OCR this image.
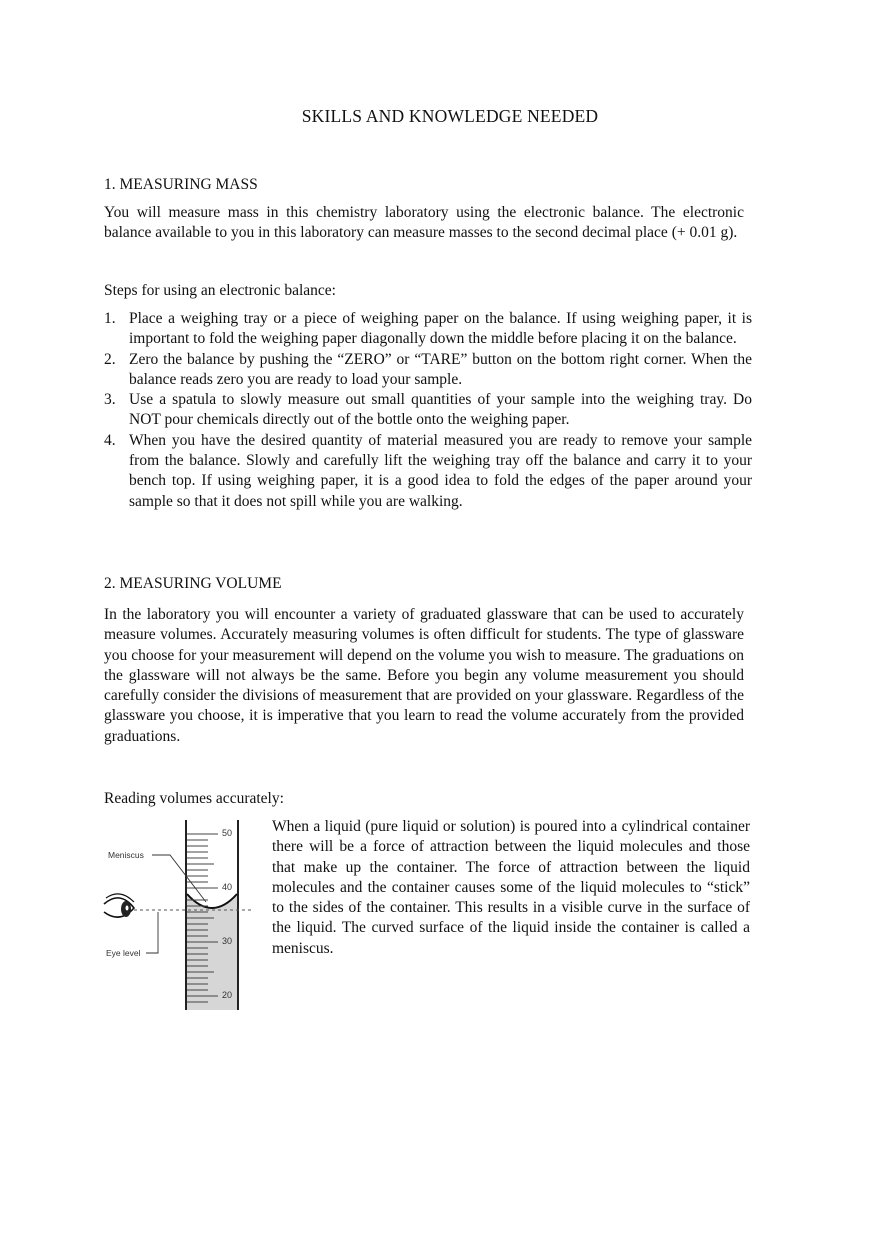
SKILLS AND KNOWLEDGE NEEDED
1. MEASURING MASS

You will measure mass in this chemistry laboratory using the electronic balance. The electronic balance available to you in this laboratory can measure masses to the second decimal place (+ 0.01 g).

Steps for using an electronic balance:

1. Place a weighing tray or a piece of weighing paper on the balance. If using weighing paper, it is important to fold the weighing paper diagonally down the middle before placing it on the balance.
2. Zero the balance by pushing the “ZERO” or “TARE” button on the bottom right corner. When the balance reads zero you are ready to load your sample.
3. Use a spatula to slowly measure out small quantities of your sample into the weighing tray. Do NOT pour chemicals directly out of the bottle onto the weighing paper.
4. When you have the desired quantity of material measured you are ready to remove your sample from the balance. Slowly and carefully lift the weighing tray off the balance and carry it to your bench top. If using weighing paper, it is a good idea to fold the edges of the paper around your sample so that it does not spill while you are walking.
2. MEASURING VOLUME

In the laboratory you will encounter a variety of graduated glassware that can be used to accurately measure volumes. Accurately measuring volumes is often difficult for students. The type of glassware you choose for your measurement will depend on the volume you wish to measure. The graduations on the glassware will not always be the same. Before you begin any volume measurement you should carefully consider the divisions of measurement that are provided on your glassware. Regardless of the glassware you choose, it is imperative that you learn to read the volume accurately from the provided graduations.

Reading volumes accurately:

50
40
30
20
Meniscus
Eye level

When a liquid (pure liquid or solution) is poured into a cylindrical container there will be a force of attraction between the liquid molecules and those that make up the container. The force of attraction between the liquid molecules and the container causes some of the liquid molecules to “stick” to the sides of the container. This results in a visible curve in the surface of the liquid. The curved surface of the liquid inside the container is called a meniscus.
